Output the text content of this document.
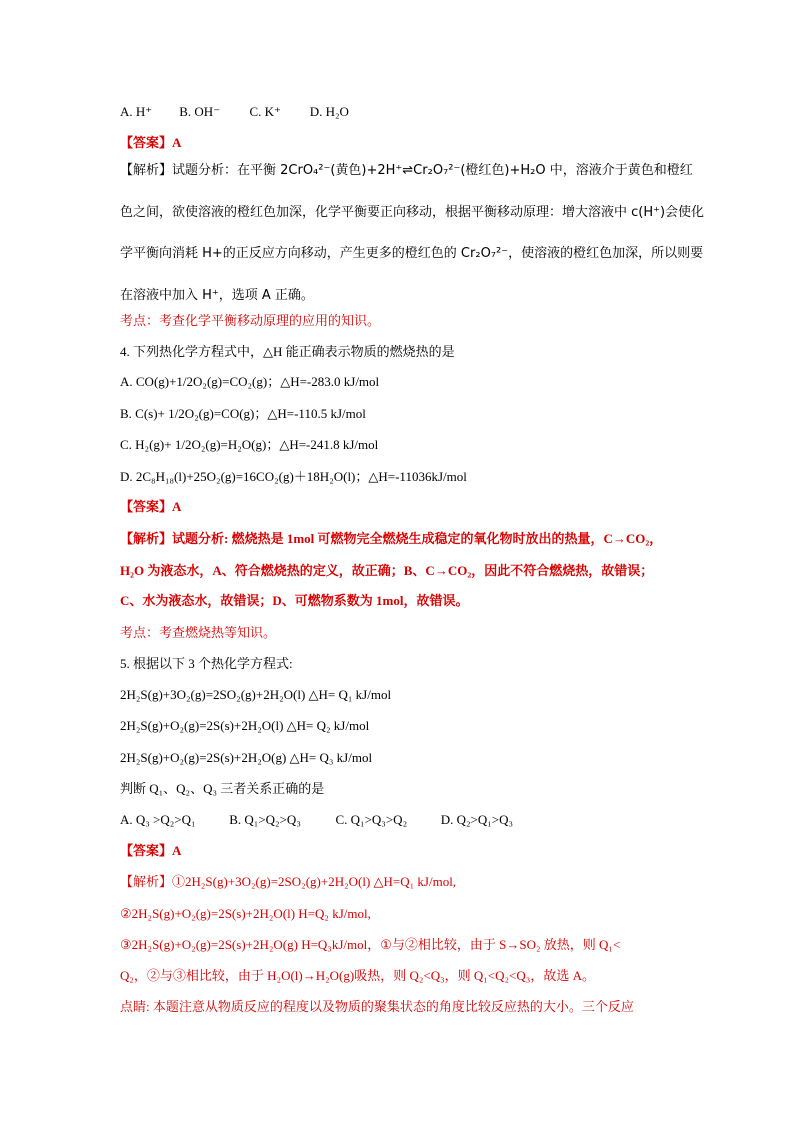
A. H⁺ B. OH⁻ C. K⁺ D. H₂O
【答案】A
【解析】试题分析：在平衡 2CrO₄²⁻(黄色)+2H⁺⇌Cr₂O₇²⁻(橙红色)+H₂O 中，溶液介于黄色和橙红
色之间，欲使溶液的橙红色加深，化学平衡要正向移动，根据平衡移动原理：增大溶液中 c(H⁺)会使化
学平衡向消耗 H+的正反应方向移动，产生更多的橙红色的 Cr₂O₇²⁻，使溶液的橙红色加深，所以则要
在溶液中加入 H⁺，选项 A 正确。
考点：考查化学平衡移动原理的应用的知识。
4. 下列热化学方程式中，△H 能正确表示物质的燃烧热的是
A. CO(g)+1/2O₂(g)=CO₂(g)；△H=-283.0 kJ/mol
B. C(s)+ 1/2O₂(g)=CO(g)；△H=-110.5 kJ/mol
C. H₂(g)+ 1/2O₂(g)=H₂O(g)；△H=-241.8 kJ/mol
D. 2C₈H₁₈(l)+25O₂(g)=16CO₂(g)＋18H₂O(l)；△H=-11036kJ/mol
【答案】A
【解析】试题分析: 燃烧热是 1mol 可燃物完全燃烧生成稳定的氧化物时放出的热量，C→CO₂，
H₂O 为液态水，A、符合燃烧热的定义，故正确；B、C→CO₂，因此不符合燃烧热，故错误；
C、水为液态水，故错误；D、可燃物系数为 1mol，故错误。
考点：考查燃烧热等知识。
5. 根据以下 3 个热化学方程式:
2H₂S(g)+3O₂(g)=2SO₂(g)+2H₂O(l) △H= Q₁ kJ/mol
2H₂S(g)+O₂(g)=2S(s)+2H₂O(l) △H= Q₂ kJ/mol
2H₂S(g)+O₂(g)=2S(s)+2H₂O(g) △H= Q₃ kJ/mol
判断 Q₁、Q₂、Q₃ 三者关系正确的是
A. Q₃ >Q₂>Q₁	B. Q₁>Q₂>Q₃	C. Q₁>Q₃>Q₂	D. Q₂>Q₁>Q₃
【答案】A
【解析】①2H₂S(g)+3O₂(g)=2SO₂(g)+2H₂O(l) △H=Q₁ kJ/mol,
②2H₂S(g)+O₂(g)=2S(s)+2H₂O(l) H=Q₂ kJ/mol,
③2H₂S(g)+O₂(g)=2S(s)+2H₂O(g) H=Q₃kJ/mol，①与②相比较，由于 S→SO₂ 放热，则 Q₁<
Q₂，②与③相比较，由于 H₂O(l)→H₂O(g)吸热，则 Q₂<Q₃，则 Q₁<Q₂<Q₃，故选 A。
点睛: 本题注意从物质反应的程度以及物质的聚集状态的角度比较反应热的大小。三个反应
